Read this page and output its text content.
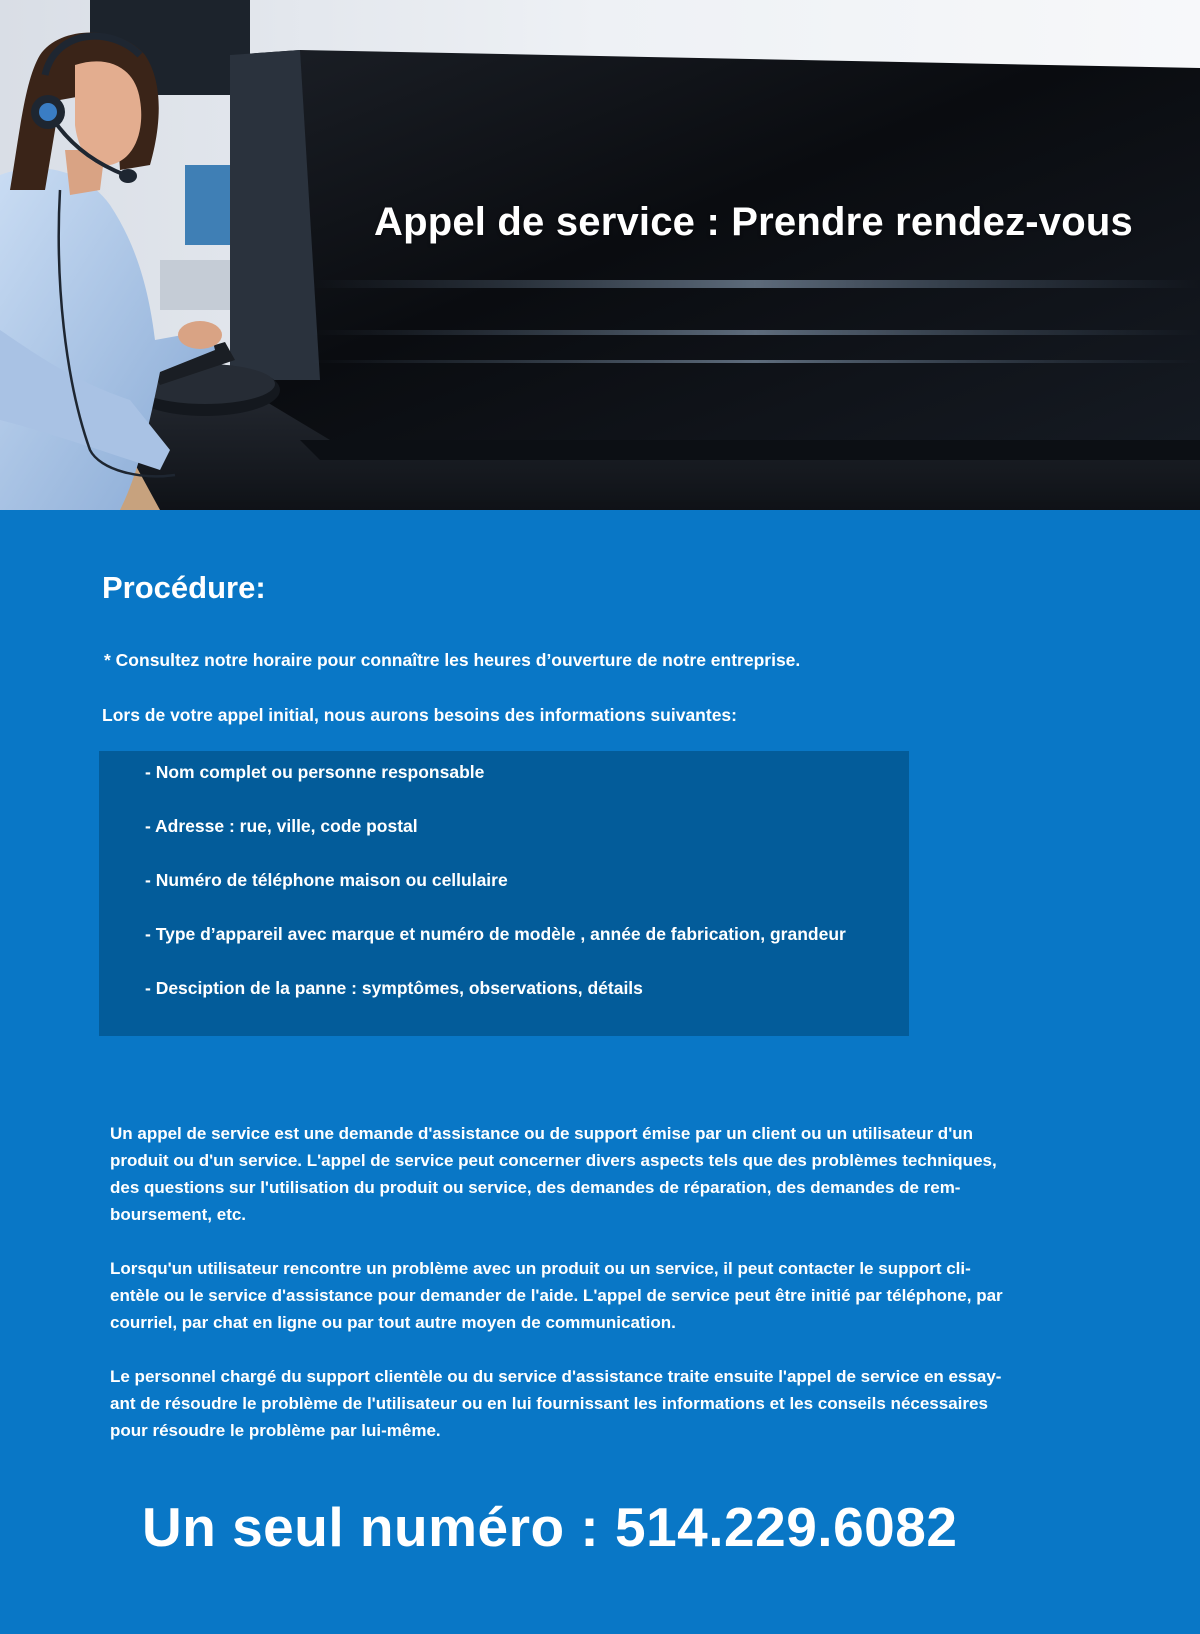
Appel de service : Prendre rendez-vous
Procédure:
* Consultez notre horaire pour connaître les heures d’ouverture de notre entreprise.
Lors de votre appel initial, nous aurons besoins des informations suivantes:
- Nom complet ou personne responsable
- Adresse : rue, ville, code postal
- Numéro de téléphone maison ou cellulaire
- Type d’appareil avec marque et numéro de modèle , année de fabrication, grandeur
- Desciption de la panne : symptômes, observations, détails

Un appel de service est une demande d'assistance ou de support émise par un client ou un utilisateur d'un produit ou d'un service. L'appel de service peut concerner divers aspects tels que des problèmes techniques, des questions sur l'utilisation du produit ou service, des demandes de réparation, des demandes de rem- boursement, etc.

Lorsqu'un utilisateur rencontre un problème avec un produit ou un service, il peut contacter le support cli- entèle ou le service d'assistance pour demander de l'aide. L'appel de service peut être initié par téléphone, par courriel, par chat en ligne ou par tout autre moyen de communication.

Le personnel chargé du support clientèle ou du service d'assistance traite ensuite l'appel de service en essay- ant de résoudre le problème de l'utilisateur ou en lui fournissant les informations et les conseils nécessaires pour résoudre le problème par lui-même.

Un seul numéro : 514.229.6082
